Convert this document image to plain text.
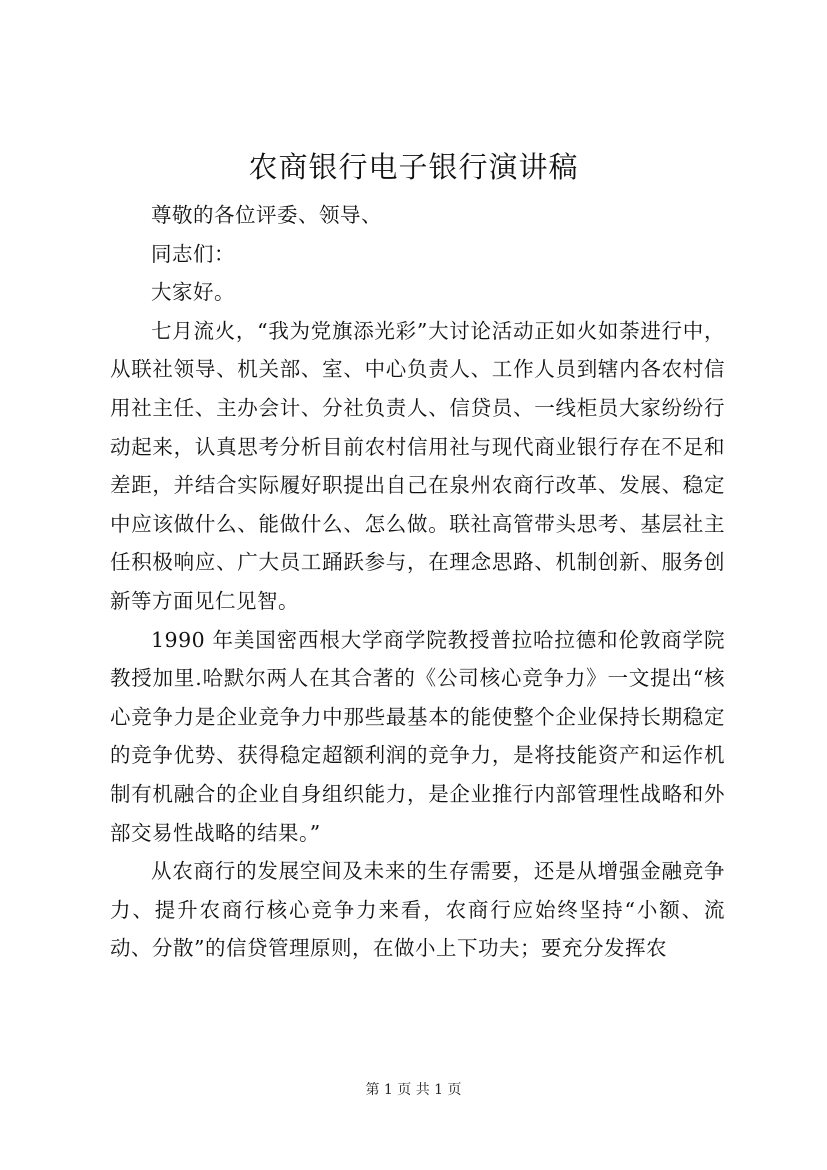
农商银行电子银行演讲稿

尊敬的各位评委、领导、

同志们：

大家好。

七月流火，“我为党旗添光彩”大讨论活动正如火如荼进行中，从联社领导、机关部、室、中心负责人、工作人员到辖内各农村信用社主任、主办会计、分社负责人、信贷员、一线柜员大家纷纷行动起来，认真思考分析目前农村信用社与现代商业银行存在不足和差距，并结合实际履好职提出自己在泉州农商行改革、发展、稳定中应该做什么、能做什么、怎么做。联社高管带头思考、基层社主任积极响应、广大员工踊跃参与，在理念思路、机制创新、服务创新等方面见仁见智。

1990 年美国密西根大学商学院教授普拉哈拉德和伦敦商学院教授加里.哈默尔两人在其合著的《公司核心竞争力》一文提出“核心竞争力是企业竞争力中那些最基本的能使整个企业保持长期稳定的竞争优势、获得稳定超额利润的竞争力，是将技能资产和运作机制有机融合的企业自身组织能力，是企业推行内部管理性战略和外部交易性战略的结果。”

从农商行的发展空间及未来的生存需要，还是从增强金融竞争力、提升农商行核心竞争力来看，农商行应始终坚持“小额、流动、分散”的信贷管理原则，在做小上下功夫；要充分发挥农

第 1 页 共 1 页
